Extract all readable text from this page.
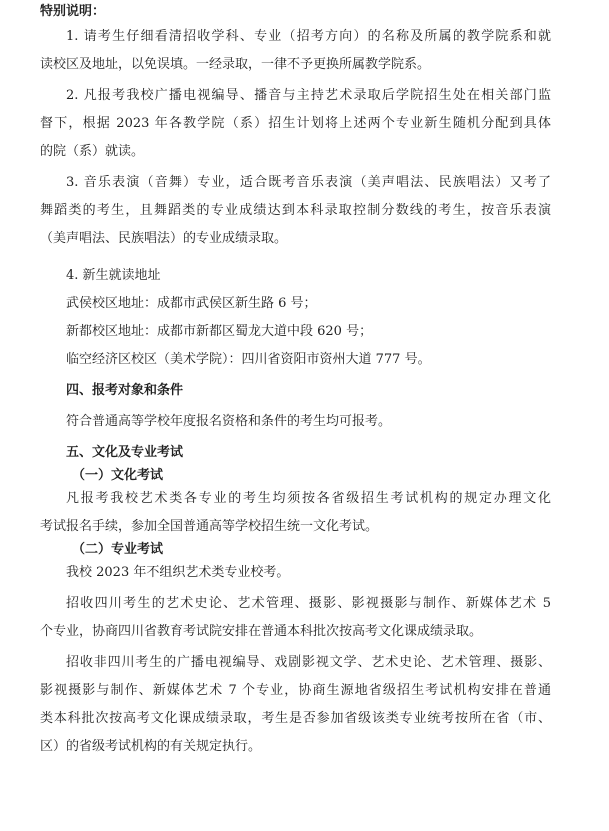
特别说明：
1. 请考生仔细看清招收学科、专业（招考方向）的名称及所属的教学院系和就
读校区及地址，以免误填。一经录取，一律不予更换所属教学院系。
2. 凡报考我校广播电视编导、播音与主持艺术录取后学院招生处在相关部门监
督下，根据 2023 年各教学院（系）招生计划将上述两个专业新生随机分配到具体
的院（系）就读。
3. 音乐表演（音舞）专业，适合既考音乐表演（美声唱法、民族唱法）又考了
舞蹈类的考生，且舞蹈类的专业成绩达到本科录取控制分数线的考生，按音乐表演
（美声唱法、民族唱法）的专业成绩录取。
4. 新生就读地址
武侯校区地址：成都市武侯区新生路 6 号；
新都校区地址：成都市新都区蜀龙大道中段 620 号；
临空经济区校区（美术学院）：四川省资阳市资州大道 777 号。
四、报考对象和条件
符合普通高等学校年度报名资格和条件的考生均可报考。
五、文化及专业考试
（一）文化考试
凡报考我校艺术类各专业的考生均须按各省级招生考试机构的规定办理文化
考试报名手续，参加全国普通高等学校招生统一文化考试。
（二）专业考试
我校 2023 年不组织艺术类专业校考。
招收四川考生的艺术史论、艺术管理、摄影、影视摄影与制作、新媒体艺术 5
个专业，协商四川省教育考试院安排在普通本科批次按高考文化课成绩录取。
招收非四川考生的广播电视编导、戏剧影视文学、艺术史论、艺术管理、摄影、
影视摄影与制作、新媒体艺术 7 个专业，协商生源地省级招生考试机构安排在普通
类本科批次按高考文化课成绩录取，考生是否参加省级该类专业统考按所在省（市、
区）的省级考试机构的有关规定执行。
